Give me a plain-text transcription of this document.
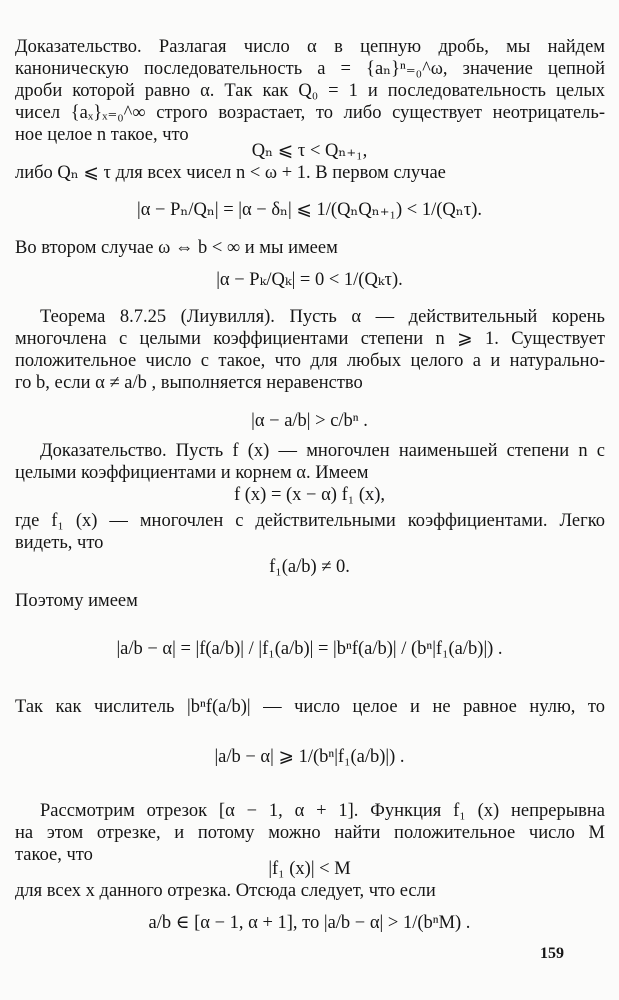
Доказательство. Разлагая число α в цепную дробь, мы найдем
каноническую последовательность a = {aₙ}ⁿ₌₀^ω, значение цепной
дроби которой равно α. Так как Q₀ = 1 и последовательность целых
чисел {aₓ}ₓ₌₀^∞ строго возрастает, то либо существует неотрицатель-
ное целое n такое, что
Qₙ ⩽ τ < Qₙ₊₁,
либо Qₙ ⩽ τ для всех чисел n < ω + 1. В первом случае
|α − Pₙ/Qₙ| = |α − δₙ| ⩽ 1/(QₙQₙ₊₁) < 1/(Qₙτ).
Во втором случае ω ⇔ b < ∞ и мы имеем
|α − Pₖ/Qₖ| = 0 < 1/(Qₖτ).
Теорема 8.7.25 (Лиувилля). Пусть α — действительный корень
многочлена с целыми коэффициентами степени n ⩾ 1. Существует
положительное число c такое, что для любых целого a и натурально-
го b, если α ≠ a/b , выполняется неравенство
|α − a/b| > c/bⁿ .
Доказательство. Пусть f (x) — многочлен наименьшей степени n с
целыми коэффициентами и корнем α. Имеем
f (x) = (x − α) f₁ (x),
где f₁ (x) — многочлен с действительными коэффициентами. Легко
видеть, что
f₁(a/b) ≠ 0.
Поэтому имеем
|a/b − α| = |f(a/b)| / |f₁(a/b)| = |bⁿf(a/b)| / (bⁿ|f₁(a/b)|) .
Так как числитель |bⁿf(a/b)| — число целое и не равное нулю, то
|a/b − α| ⩾ 1/(bⁿ|f₁(a/b)|) .
Рассмотрим отрезок [α − 1, α + 1]. Функция f₁ (x) непрерывна
на этом отрезке, и потому можно найти положительное число M
такое, что
|f₁ (x)| < M
для всех x данного отрезка. Отсюда следует, что если
a/b ∈ [α − 1, α + 1], то |a/b − α| > 1/(bⁿM) .
159
